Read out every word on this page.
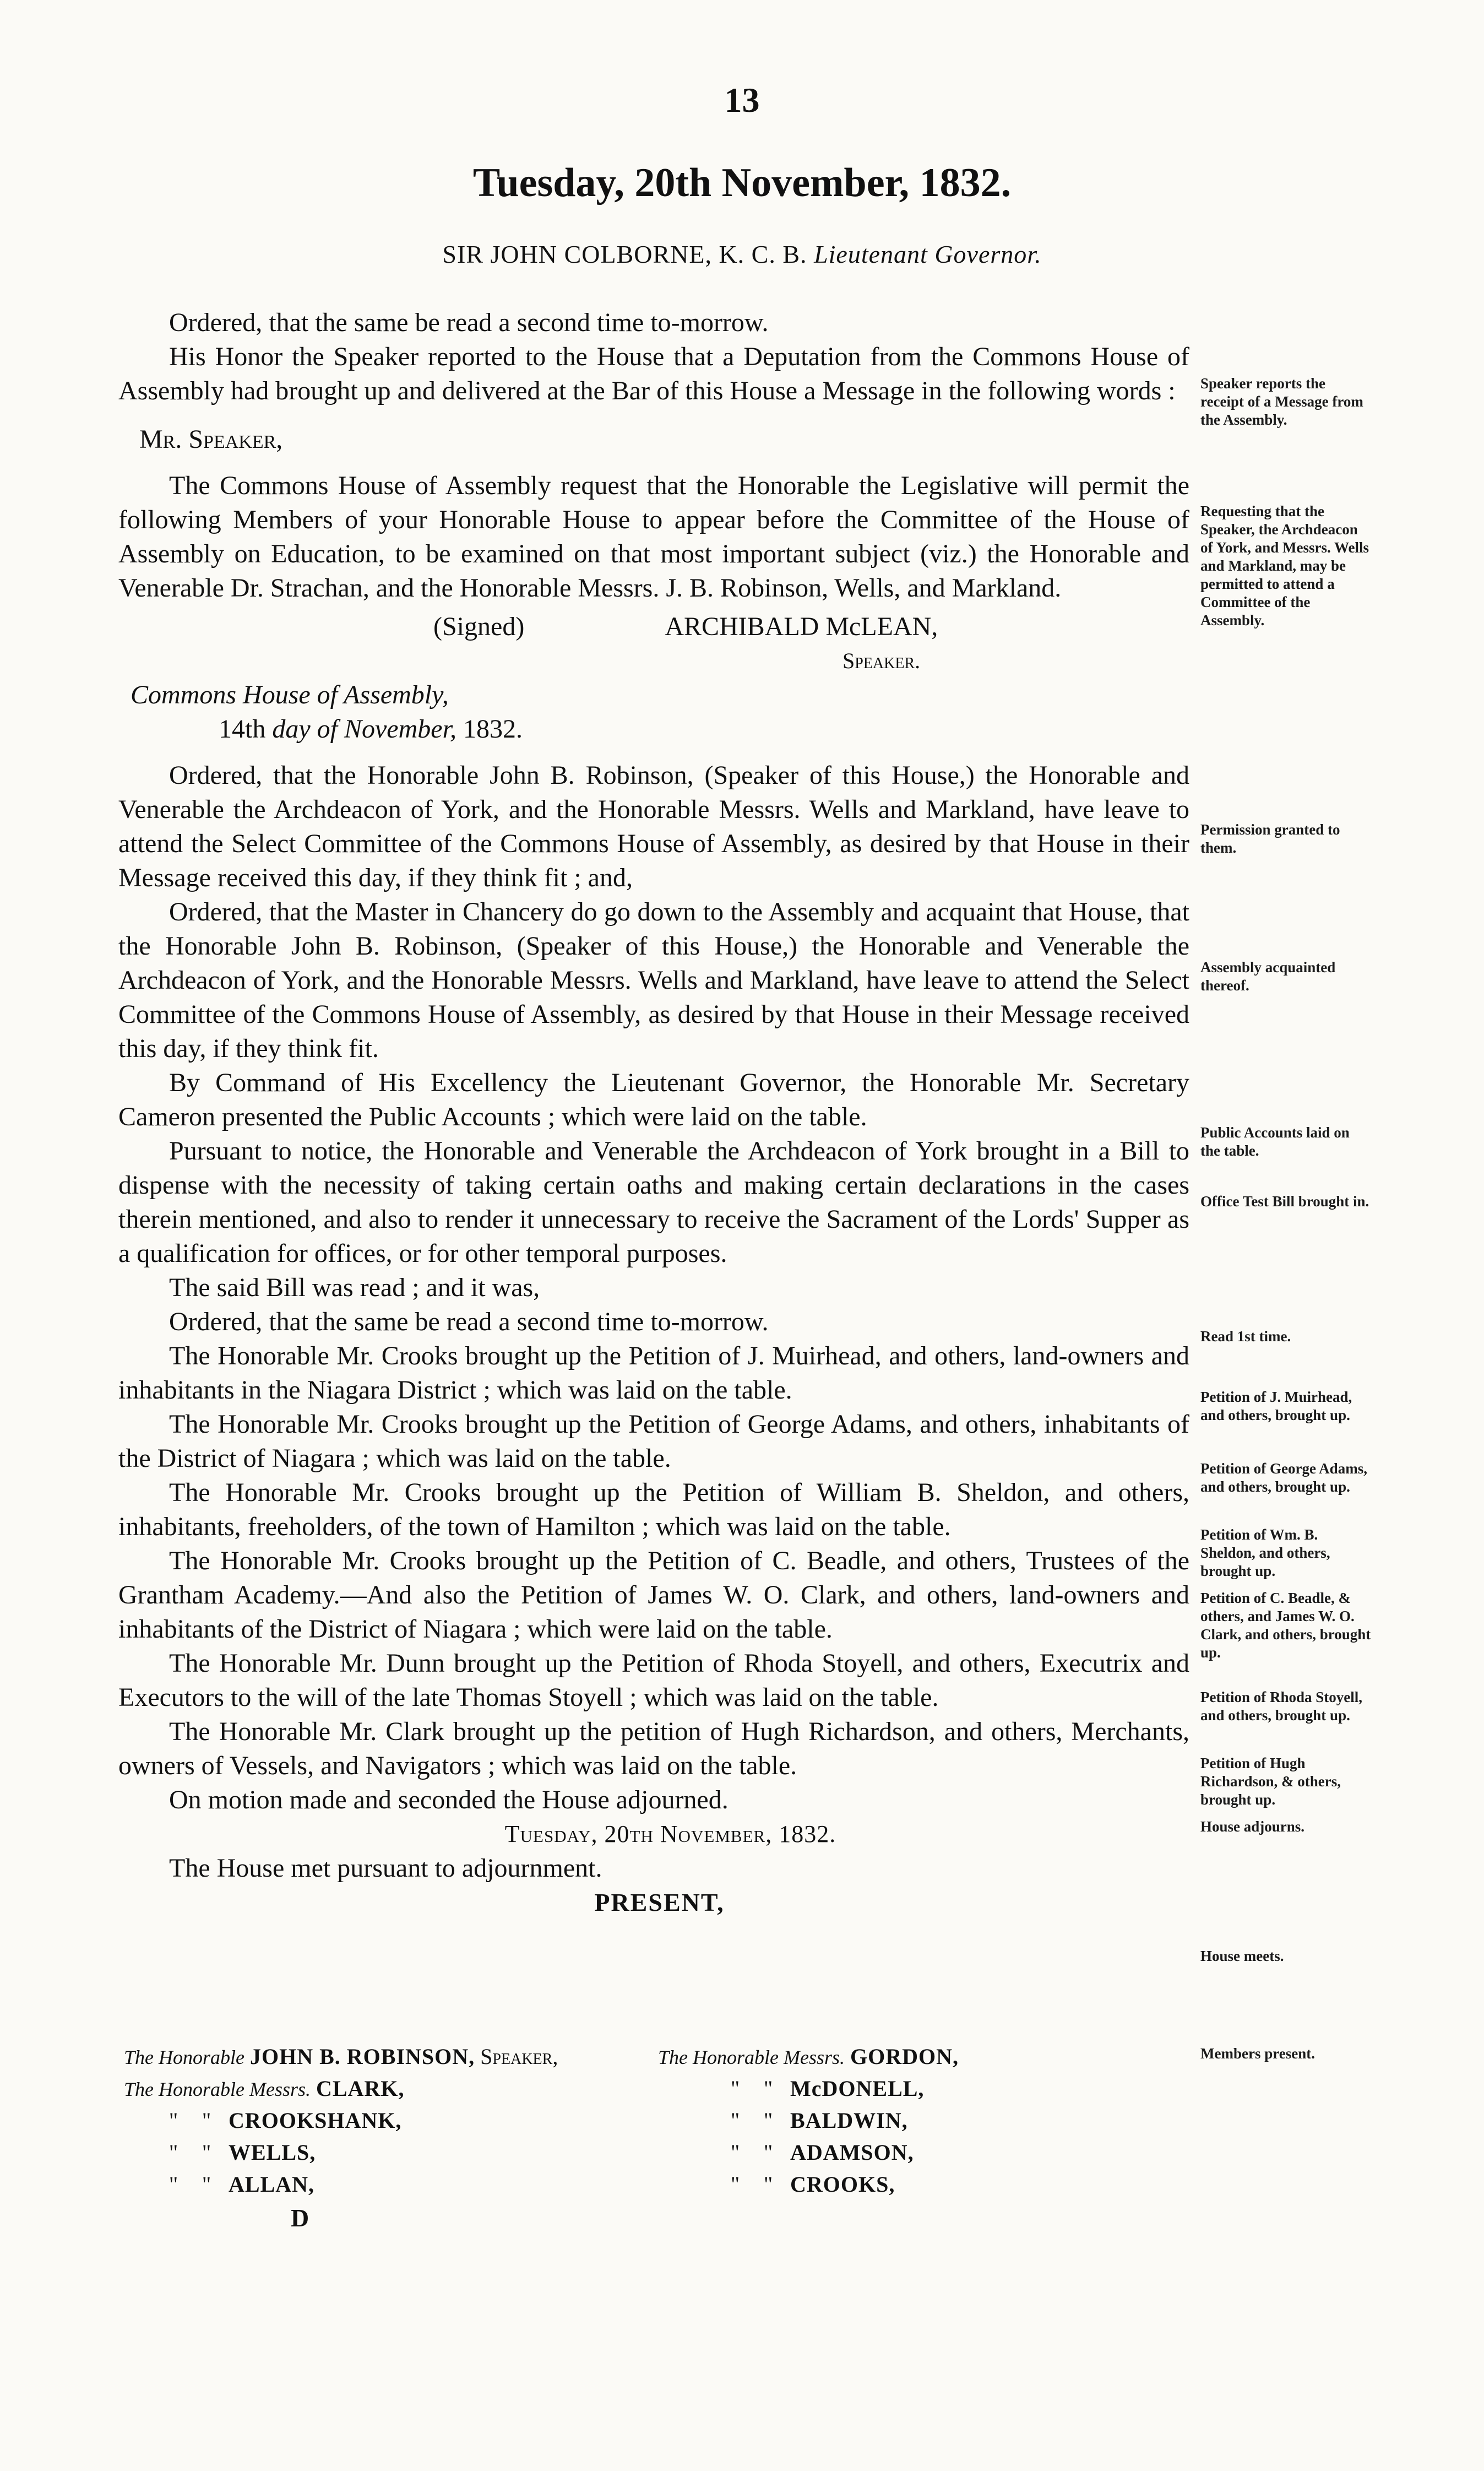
13
Tuesday, 20th November, 1832.
SIR JOHN COLBORNE, K. C. B. Lieutenant Governor.

Ordered, that the same be read a second time to-morrow.

His Honor the Speaker reported to the House that a Deputation from the Commons House of Assembly had brought up and delivered at the Bar of this House a Message in the following words :

Mr. Speaker,

The Commons House of Assembly request that the Honorable the Legislative will permit the following Members of your Honorable House to appear before the Committee of the House of Assembly on Education, to be examined on that most important subject (viz.) the Honorable and Venerable Dr. Strachan, and the Honorable Messrs. J. B. Robinson, Wells, and Markland.

(Signed)	ARCHIBALD McLEAN,
Speaker.

Commons House of Assembly,

14th day of November, 1832.

Ordered, that the Honorable John B. Robinson, (Speaker of this House,) the Honorable and Venerable the Archdeacon of York, and the Honorable Messrs. Wells and Markland, have leave to attend the Select Committee of the Commons House of Assembly, as desired by that House in their Message received this day, if they think fit ; and,

Ordered, that the Master in Chancery do go down to the Assembly and acquaint that House, that the Honorable John B. Robinson, (Speaker of this House,) the Honorable and Venerable the Archdeacon of York, and the Honorable Messrs. Wells and Markland, have leave to attend the Select Committee of the Commons House of Assembly, as desired by that House in their Message received this day, if they think fit.

By Command of His Excellency the Lieutenant Governor, the Honorable Mr. Secretary Cameron presented the Public Accounts ; which were laid on the table.

Pursuant to notice, the Honorable and Venerable the Archdeacon of York brought in a Bill to dispense with the necessity of taking certain oaths and making certain declarations in the cases therein mentioned, and also to render it unnecessary to receive the Sacrament of the Lords' Supper as a qualification for offices, or for other temporal purposes.

The said Bill was read ; and it was,

Ordered, that the same be read a second time to-morrow.

The Honorable Mr. Crooks brought up the Petition of J. Muirhead, and others, land-owners and inhabitants in the Niagara District ; which was laid on the table.

The Honorable Mr. Crooks brought up the Petition of George Adams, and others, inhabitants of the District of Niagara ; which was laid on the table.

The Honorable Mr. Crooks brought up the Petition of William B. Sheldon, and others, inhabitants, freeholders, of the town of Hamilton ; which was laid on the table.

The Honorable Mr. Crooks brought up the Petition of C. Beadle, and others, Trustees of the Grantham Academy.—And also the Petition of James W. O. Clark, and others, land-owners and inhabitants of the District of Niagara ; which were laid on the table.

The Honorable Mr. Dunn brought up the Petition of Rhoda Stoyell, and others, Executrix and Executors to the will of the late Thomas Stoyell ; which was laid on the table.

The Honorable Mr. Clark brought up the petition of Hugh Richardson, and others, Merchants, owners of Vessels, and Navigators ; which was laid on the table.

On motion made and seconded the House adjourned.

Tuesday, 20th November, 1832.

The House met pursuant to adjournment.

PRESENT,

The Honorable JOHN B. ROBINSON, Speaker,	The Honorable Messrs. GORDON,
The Honorable Messrs. CLARK,	" " McDONELL,
" " CROOKSHANK,	" " BALDWIN,
" " WELLS,	" " ADAMSON,
" " ALLAN,	" " CROOKS,
D
Speaker reports the receipt of a Message from the Assembly.
Requesting that the Speaker, the Archdeacon of York, and Messrs. Wells and Markland, may be permitted to attend a Committee of the Assembly.
Permission granted to them.
Assembly acquainted thereof.
Public Accounts laid on the table.
Office Test Bill brought in.
Read 1st time.
Petition of J. Muirhead, and others, brought up.
Petition of George Adams, and others, brought up.
Petition of Wm. B. Sheldon, and others, brought up.
Petition of C. Beadle, & others, and James W. O. Clark, and others, brought up.
Petition of Rhoda Stoyell, and others, brought up.
Petition of Hugh Richardson, & others, brought up.
House adjourns.
House meets.
Members present.
